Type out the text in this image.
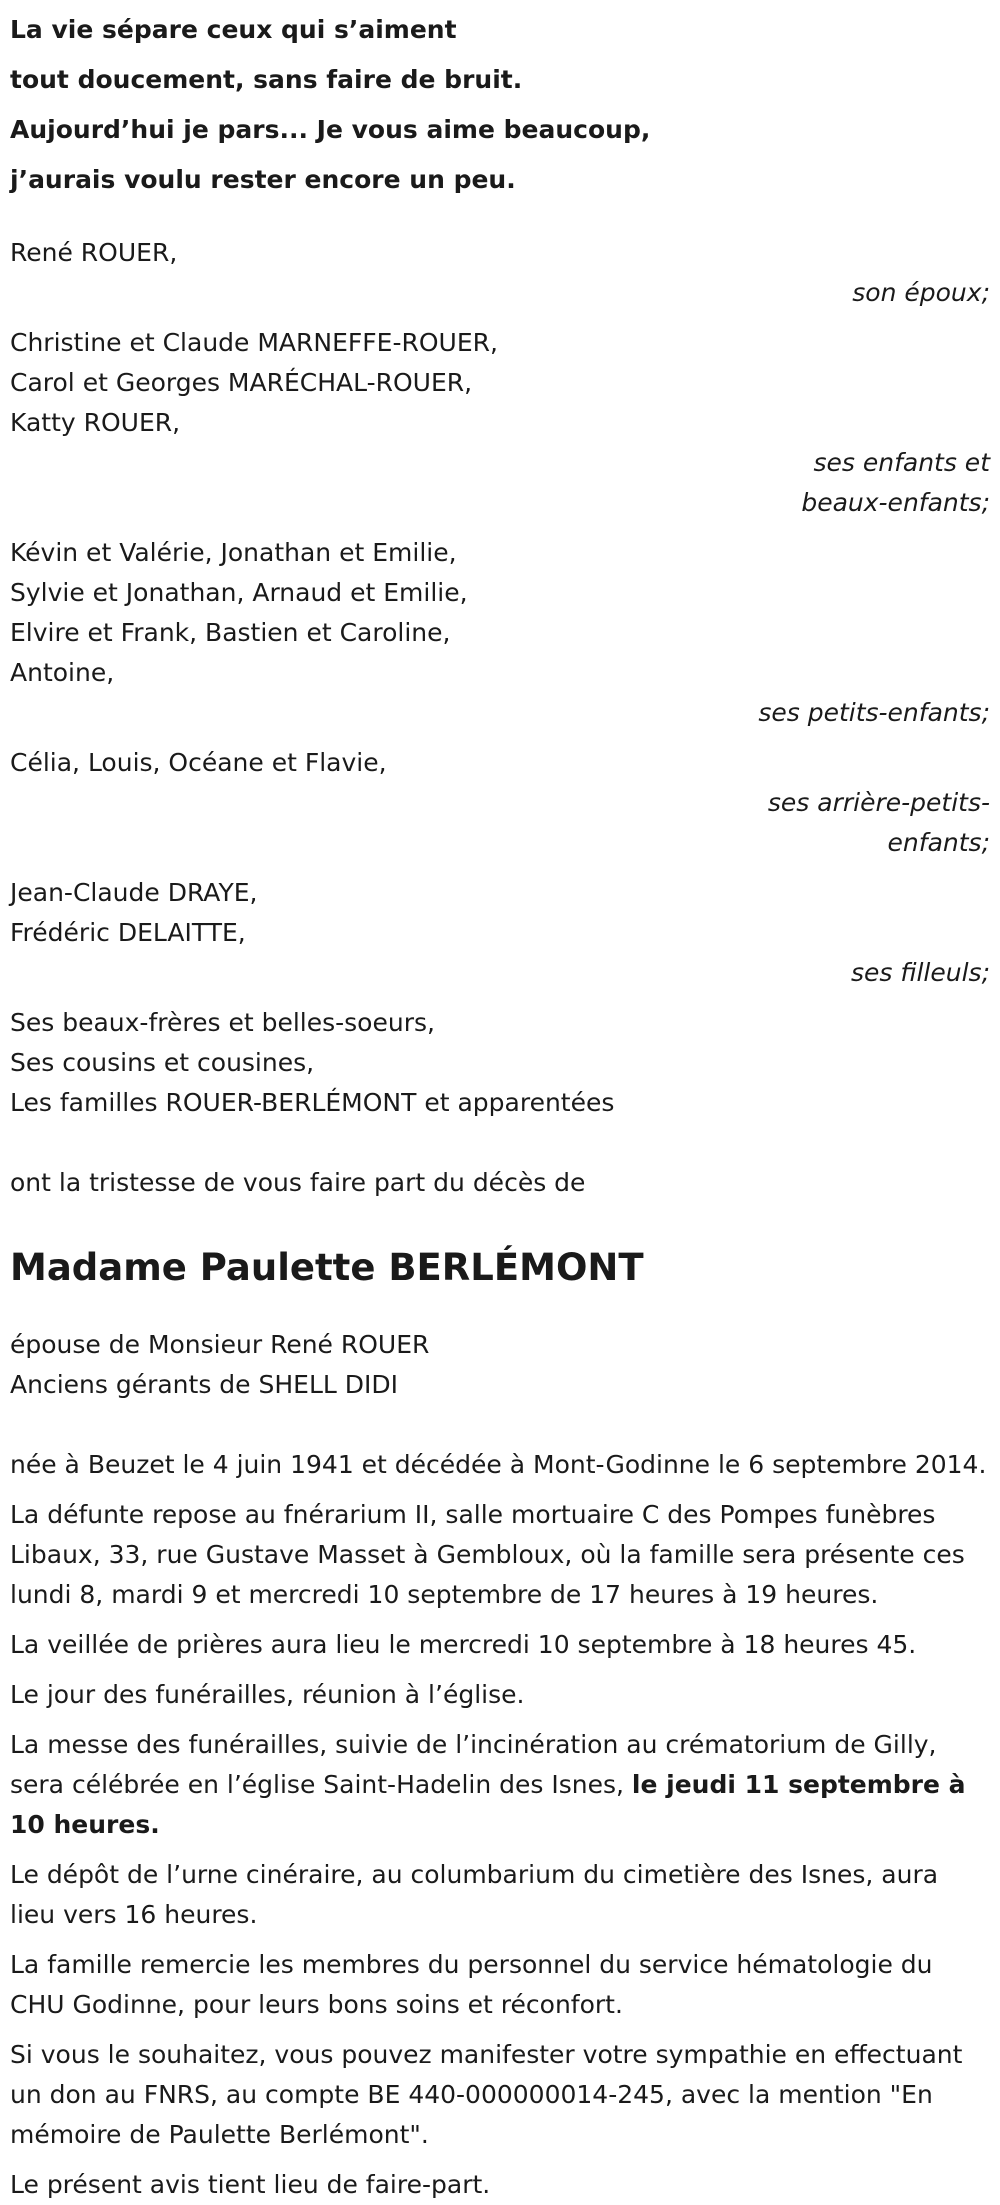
La vie sépare ceux qui s’aiment
tout doucement, sans faire de bruit.
Aujourd’hui je pars... Je vous aime beaucoup,
j’aurais voulu rester encore un peu.
René ROUER,
son époux;
Christine et Claude MARNEFFE-ROUER,
Carol et Georges MARÉCHAL-ROUER,
Katty ROUER,
ses enfants et
beaux-enfants;
Kévin et Valérie, Jonathan et Emilie,
Sylvie et Jonathan, Arnaud et Emilie,
Elvire et Frank, Bastien et Caroline,
Antoine,
ses petits-enfants;
Célia, Louis, Océane et Flavie,
ses arrière-petits-
enfants;
Jean-Claude DRAYE,
Frédéric DELAITTE,
ses filleuls;
Ses beaux-frères et belles-soeurs,
Ses cousins et cousines,
Les familles ROUER-BERLÉMONT et apparentées
ont la tristesse de vous faire part du décès de
Madame Paulette BERLÉMONT
épouse de Monsieur René ROUER
Anciens gérants de SHELL DIDI

née à Beuzet le 4 juin 1941 et décédée à Mont-Godinne le 6 septembre 2014.

La défunte repose au fnérarium II, salle mortuaire C des Pompes funèbres Libaux, 33, rue Gustave Masset à Gembloux, où la famille sera présente ces lundi 8, mardi 9 et mercredi 10 septembre de 17 heures à 19 heures.

La veillée de prières aura lieu le mercredi 10 septembre à 18 heures 45.

Le jour des funérailles, réunion à l’église.

La messe des funérailles, suivie de l’incinération au crématorium de Gilly, sera célébrée en l’église Saint-Hadelin des Isnes, le jeudi 11 septembre à 10 heures.

Le dépôt de l’urne cinéraire, au columbarium du cimetière des Isnes, aura lieu vers 16 heures.

La famille remercie les membres du personnel du service hématologie du CHU Godinne, pour leurs bons soins et réconfort.

Si vous le souhaitez, vous pouvez manifester votre sympathie en effectuant un don au FNRS, au compte BE 440-000000014-245, avec la mention "En mémoire de Paulette Berlémont".

Le présent avis tient lieu de faire-part.
